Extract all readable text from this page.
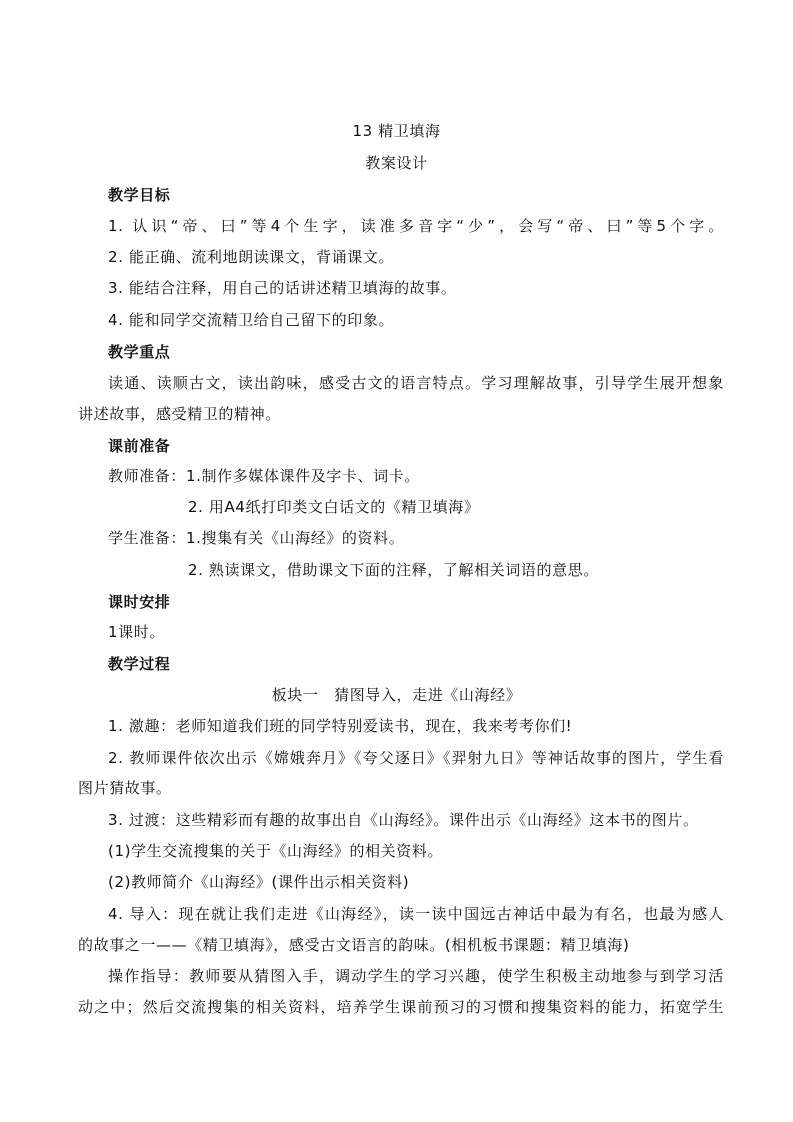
13 精卫填海
教案设计
教学目标
1. 认识“帝、曰”等4个生字，读准多音字“少”，会写“帝、曰”等5个字。
2. 能正确、流利地朗读课文，背诵课文。
3. 能结合注释，用自己的话讲述精卫填海的故事。
4. 能和同学交流精卫给自己留下的印象。
教学重点
读通、读顺古文，读出韵味，感受古文的语言特点。学习理解故事，引导学生展开想象
讲述故事，感受精卫的精神。
课前准备
教师准备：1.制作多媒体课件及字卡、词卡。
2. 用A4纸打印类文白话文的《精卫填海》
学生准备：1.搜集有关《山海经》的资料。
2. 熟读课文，借助课文下面的注释，了解相关词语的意思。
课时安排
1课时。
教学过程
板块一　猜图导入，走进《山海经》
1. 激趣：老师知道我们班的同学特别爱读书，现在，我来考考你们!
2. 教师课件依次出示《嫦娥奔月》《夸父逐日》《羿射九日》等神话故事的图片，学生看
图片猜故事。
3. 过渡：这些精彩而有趣的故事出自《山海经》。课件出示《山海经》这本书的图片。
(1)学生交流搜集的关于《山海经》的相关资料。
(2)教师简介《山海经》(课件出示相关资料)
4. 导入：现在就让我们走进《山海经》，读一读中国远古神话中最为有名，也最为感人
的故事之一——《精卫填海》，感受古文语言的韵味。(相机板书课题：精卫填海)
操作指导：教师要从猜图入手，调动学生的学习兴趣，使学生积极主动地参与到学习活
动之中；然后交流搜集的相关资料，培养学生课前预习的习惯和搜集资料的能力，拓宽学生
